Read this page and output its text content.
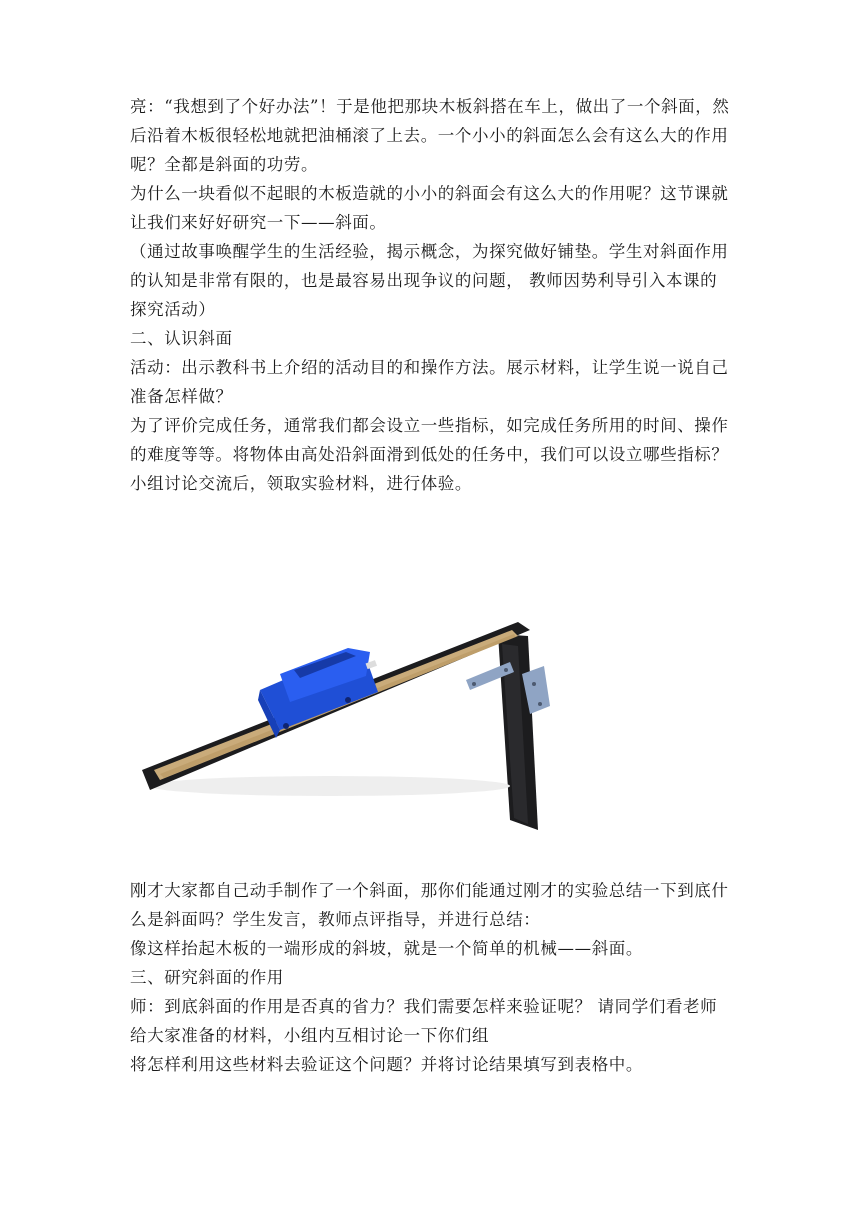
亮：“我想到了个好办法”！于是他把那块木板斜搭在车上，做出了一个斜面，然后沿着木板很轻松地就把油桶滚了上去。一个小小的斜面怎么会有这么大的作用呢？全都是斜面的功劳。

为什么一块看似不起眼的木板造就的小小的斜面会有这么大的作用呢？这节课就让我们来好好研究一下——斜面。

（通过故事唤醒学生的生活经验，揭示概念，为探究做好铺垫。学生对斜面作用的认知是非常有限的，也是最容易出现争议的问题， 教师因势利导引入本课的探究活动）

二、认识斜面

活动：出示教科书上介绍的活动目的和操作方法。展示材料，让学生说一说自己准备怎样做？

为了评价完成任务，通常我们都会设立一些指标，如完成任务所用的时间、操作的难度等等。将物体由高处沿斜面滑到低处的任务中，我们可以设立哪些指标？

小组讨论交流后，领取实验材料，进行体验。

刚才大家都自己动手制作了一个斜面，那你们能通过刚才的实验总结一下到底什么是斜面吗？学生发言，教师点评指导，并进行总结：

像这样抬起木板的一端形成的斜坡，就是一个简单的机械——斜面。

三、研究斜面的作用

师：到底斜面的作用是否真的省力？我们需要怎样来验证呢？ 请同学们看老师给大家准备的材料，小组内互相讨论一下你们组

将怎样利用这些材料去验证这个问题？并将讨论结果填写到表格中。
